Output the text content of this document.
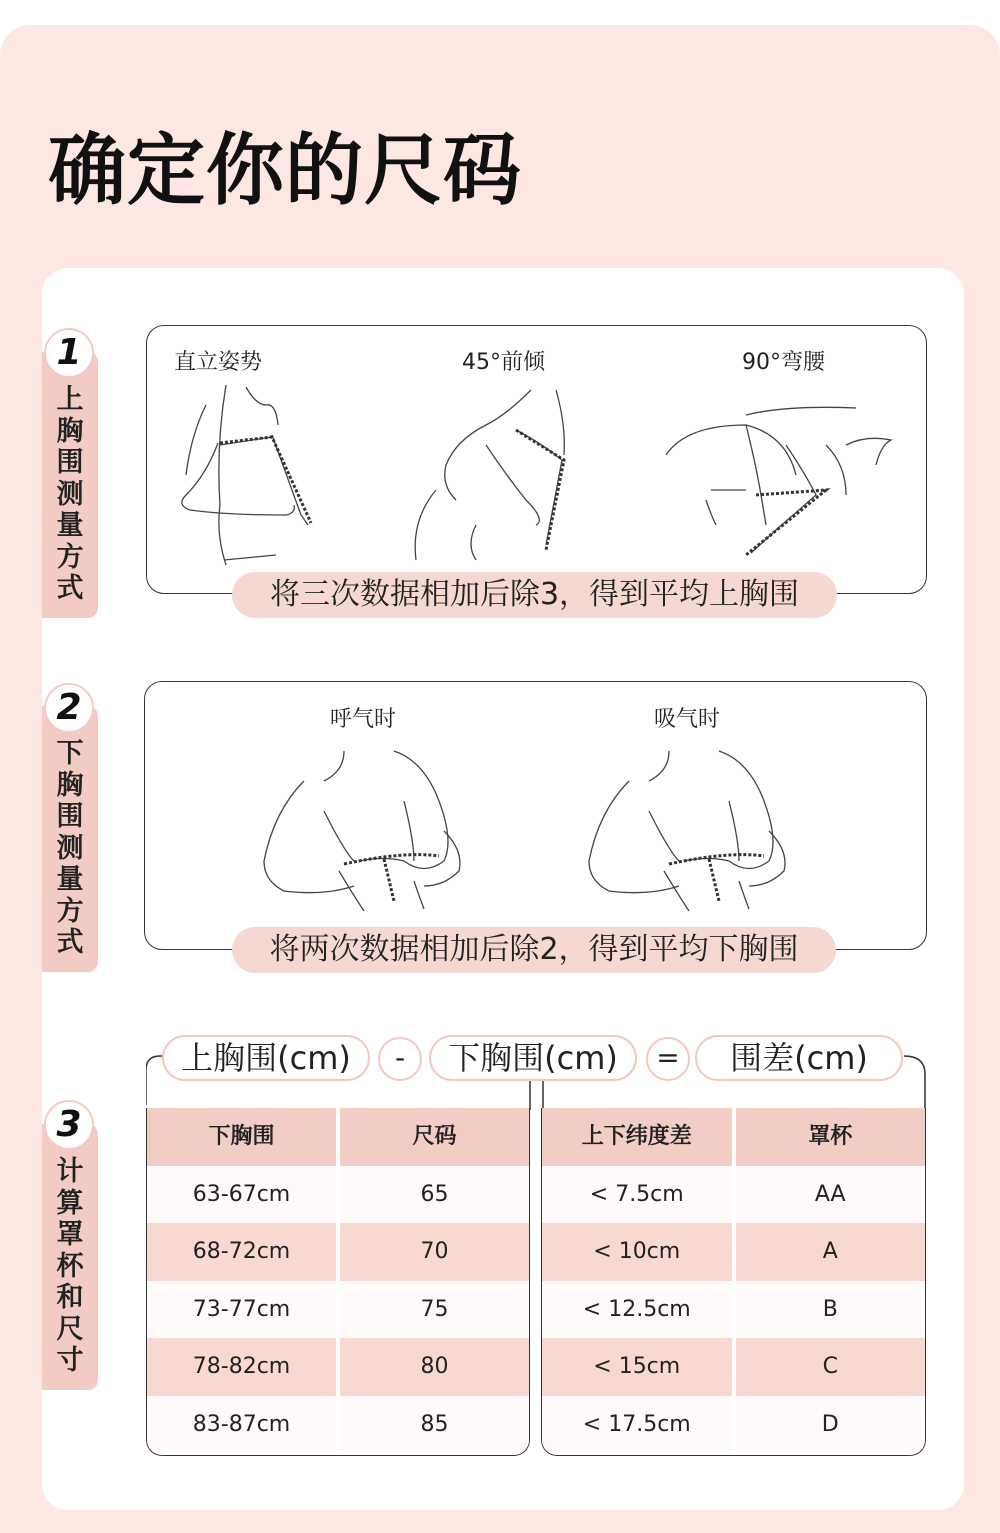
确定你的尺码
1
上
胸
围
测
量
方
式
直立姿势	45°前倾	90°弯腰
将三次数据相加后除3，得到平均上胸围
2
下
胸
围
测
量
方
式
呼气时	吸气时
将两次数据相加后除2，得到平均下胸围
3
计
算
罩
杯
和
尺
寸
上胸围(cm)	-	下胸围(cm)	=	围差(cm)
下胸围	尺码
63-67cm	65
68-72cm	70
73-77cm	75
78-82cm	80
83-87cm	85
上下纬度差	罩杯
< 7.5cm	AA
< 10cm	A
< 12.5cm	B
< 15cm	C
< 17.5cm	D
